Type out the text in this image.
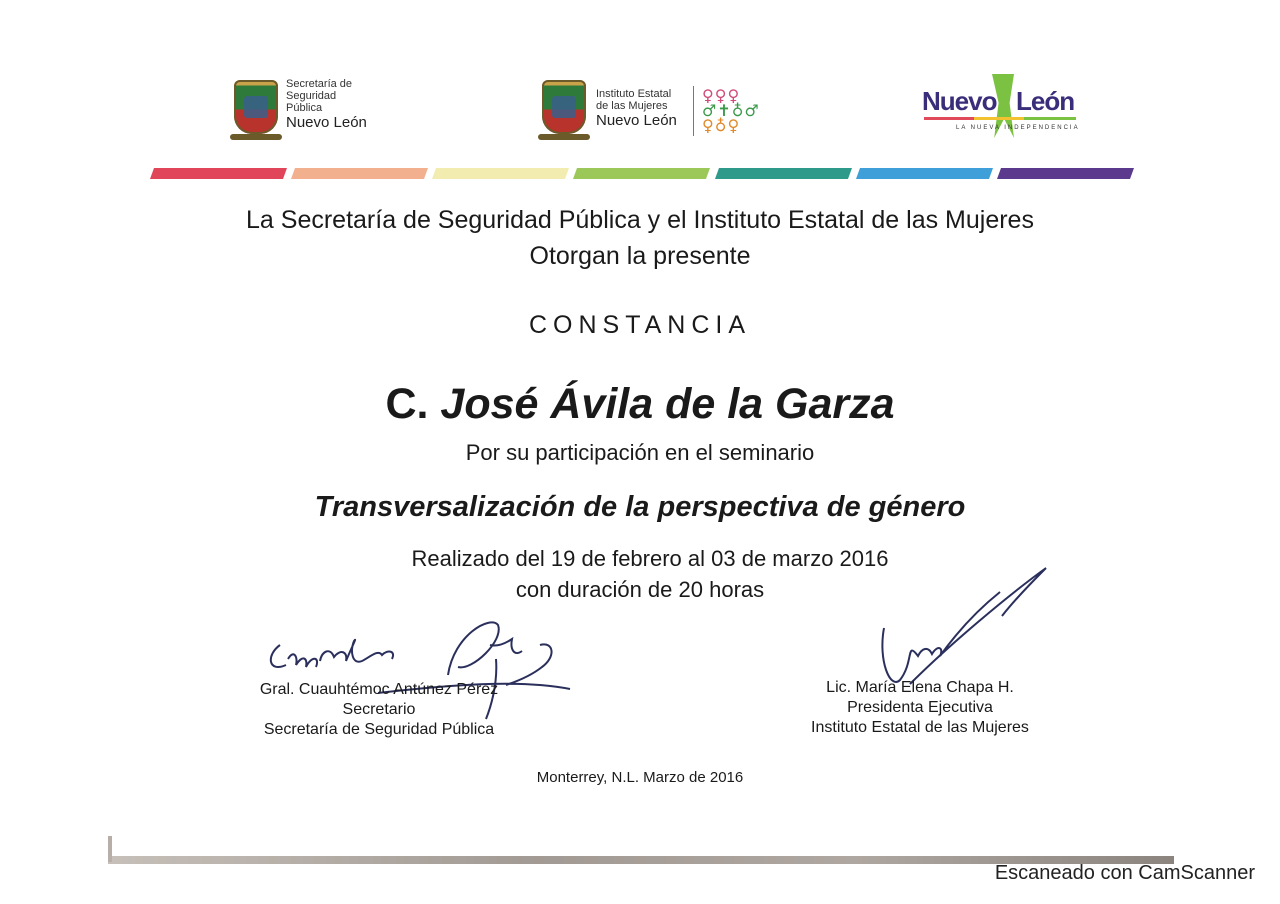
Secretaría de
Seguridad
Pública
Nuevo León
Instituto Estatal
de las Mujeres
Nuevo León
♀♀♀
♂✝♁♂
♀♁♀
Nuevo León
LA NUEVA INDEPENDENCIA
La Secretaría de Seguridad Pública y el Instituto Estatal de las Mujeres
Otorgan la presente
CONSTANCIA
C. José Ávila de la Garza
Por su participación en el seminario
Transversalización de la perspectiva de género
Realizado del 19 de febrero al 03 de marzo 2016
con duración de 20 horas
Gral. Cuauhtémoc Antúnez Pérez
Secretario
Secretaría de Seguridad Pública
Lic. María Elena Chapa H.
Presidenta Ejecutiva
Instituto Estatal de las Mujeres
Monterrey, N.L. Marzo de 2016
Escaneado con CamScanner
